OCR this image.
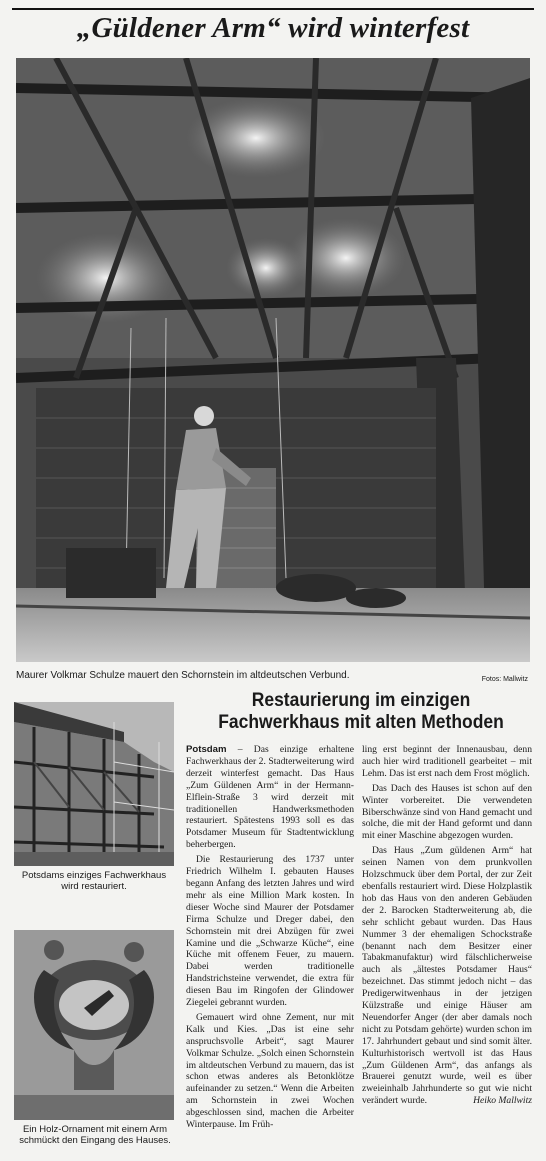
„Güldener Arm“ wird winterfest
Maurer Volkmar Schulze mauert den Schornstein im altdeutschen Verbund.	Fotos: Mallwitz
Potsdams einziges Fachwerkhaus wird restauriert.
Ein Holz-Ornament mit einem Arm schmückt den Eingang des Hauses.
Restaurierung im einzigen Fachwerkhaus mit alten Methoden

Potsdam – Das einzige erhaltene Fachwerkhaus der 2. Stadterweiterung wird derzeit winterfest gemacht. Das Haus „Zum Güldenen Arm“ in der Hermann-Elflein-Straße 3 wird derzeit mit traditionellen Handwerksmethoden restauriert. Spätestens 1993 soll es das Potsdamer Museum für Stadtentwicklung beherbergen.

Die Restaurierung des 1737 unter Friedrich Wilhelm I. gebauten Hauses begann Anfang des letzten Jahres und wird mehr als eine Million Mark kosten. In dieser Woche sind Maurer der Potsdamer Firma Schulze und Dreger dabei, den Schornstein mit drei Abzügen für zwei Kamine und die „Schwarze Küche“, eine Küche mit offenem Feuer, zu mauern. Dabei werden traditionelle Handstrichsteine verwendet, die extra für diesen Bau im Ringofen der Glindower Ziegelei gebrannt wurden.

Gemauert wird ohne Zement, nur mit Kalk und Kies. „Das ist eine sehr anspruchsvolle Arbeit“, sagt Maurer Volkmar Schulze. „Solch einen Schornstein im altdeutschen Verbund zu mauern, das ist schon etwas anderes als Betonklötze aufeinander zu setzen.“ Wenn die Arbeiten am Schornstein in zwei Wochen abgeschlossen sind, machen die Arbeiter Winterpause. Im Früh-

ling erst beginnt der Innenausbau, denn auch hier wird traditionell gearbeitet – mit Lehm. Das ist erst nach dem Frost möglich.

Das Dach des Hauses ist schon auf den Winter vorbereitet. Die verwendeten Biberschwänze sind von Hand gemacht und solche, die mit der Hand geformt und dann mit einer Maschine abgezogen wurden.

Das Haus „Zum güldenen Arm“ hat seinen Namen von dem prunkvollen Holzschmuck über dem Portal, der zur Zeit ebenfalls restauriert wird. Diese Holzplastik hob das Haus von den anderen Gebäuden der 2. Barocken Stadterweiterung ab, die sehr schlicht gebaut wurden. Das Haus Nummer 3 der ehemaligen Schockstraße (benannt nach dem Besitzer einer Tabakmanufaktur) wird fälschlicherweise auch als „ältestes Potsdamer Haus“ bezeichnet. Das stimmt jedoch nicht – das Predigerwitwenhaus in der jetzigen Külzstraße und einige Häuser am Neuendorfer Anger (der aber damals noch nicht zu Potsdam gehörte) wurden schon im 17. Jahrhundert gebaut und sind somit älter. Kulturhistorisch wertvoll ist das Haus „Zum Güldenen Arm“, das anfangs als Brauerei genutzt wurde, weil es über zweieinhalb Jahrhunderte so gut wie nicht verändert wurde.	Heiko Mallwitz
